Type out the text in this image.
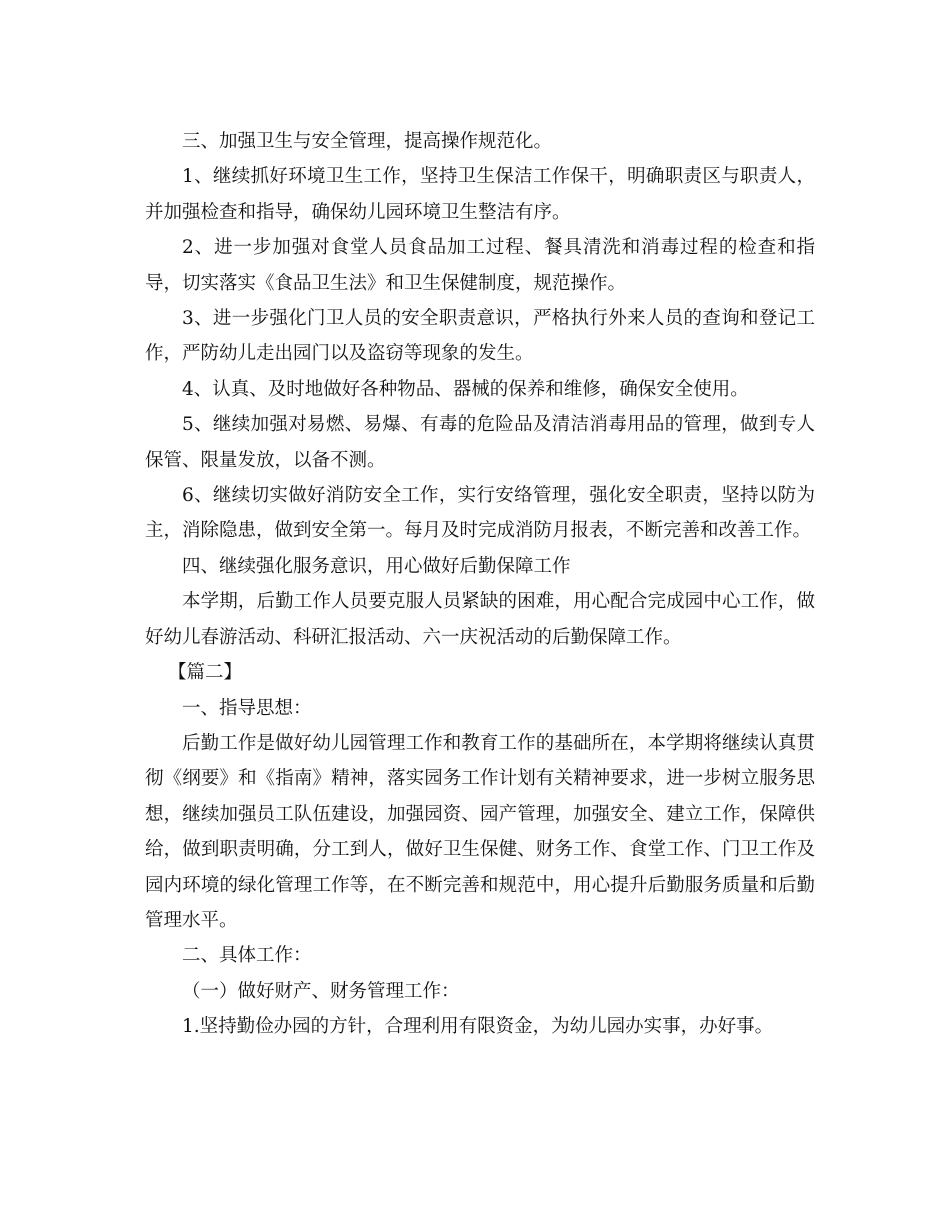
三、加强卫生与安全管理，提高操作规范化。

1、继续抓好环境卫生工作，坚持卫生保洁工作保干，明确职责区与职责人，并加强检查和指导，确保幼儿园环境卫生整洁有序。

2、进一步加强对食堂人员食品加工过程、餐具清洗和消毒过程的检查和指导，切实落实《食品卫生法》和卫生保健制度，规范操作。

3、进一步强化门卫人员的安全职责意识，严格执行外来人员的查询和登记工作，严防幼儿走出园门以及盗窃等现象的发生。

4、认真、及时地做好各种物品、器械的保养和维修，确保安全使用。

5、继续加强对易燃、易爆、有毒的危险品及清洁消毒用品的管理，做到专人保管、限量发放，以备不测。

6、继续切实做好消防安全工作，实行安络管理，强化安全职责，坚持以防为主，消除隐患，做到安全第一。每月及时完成消防月报表，不断完善和改善工作。

四、继续强化服务意识，用心做好后勤保障工作

本学期，后勤工作人员要克服人员紧缺的困难，用心配合完成园中心工作，做好幼儿春游活动、科研汇报活动、六一庆祝活动的后勤保障工作。

【篇二】

一、指导思想：

后勤工作是做好幼儿园管理工作和教育工作的基础所在，本学期将继续认真贯彻《纲要》和《指南》精神，落实园务工作计划有关精神要求，进一步树立服务思想，继续加强员工队伍建设，加强园资、园产管理，加强安全、建立工作，保障供给，做到职责明确，分工到人，做好卫生保健、财务工作、食堂工作、门卫工作及园内环境的绿化管理工作等，在不断完善和规范中，用心提升后勤服务质量和后勤管理水平。

二、具体工作：

（一）做好财产、财务管理工作：

1.坚持勤俭办园的方针，合理利用有限资金，为幼儿园办实事，办好事。
